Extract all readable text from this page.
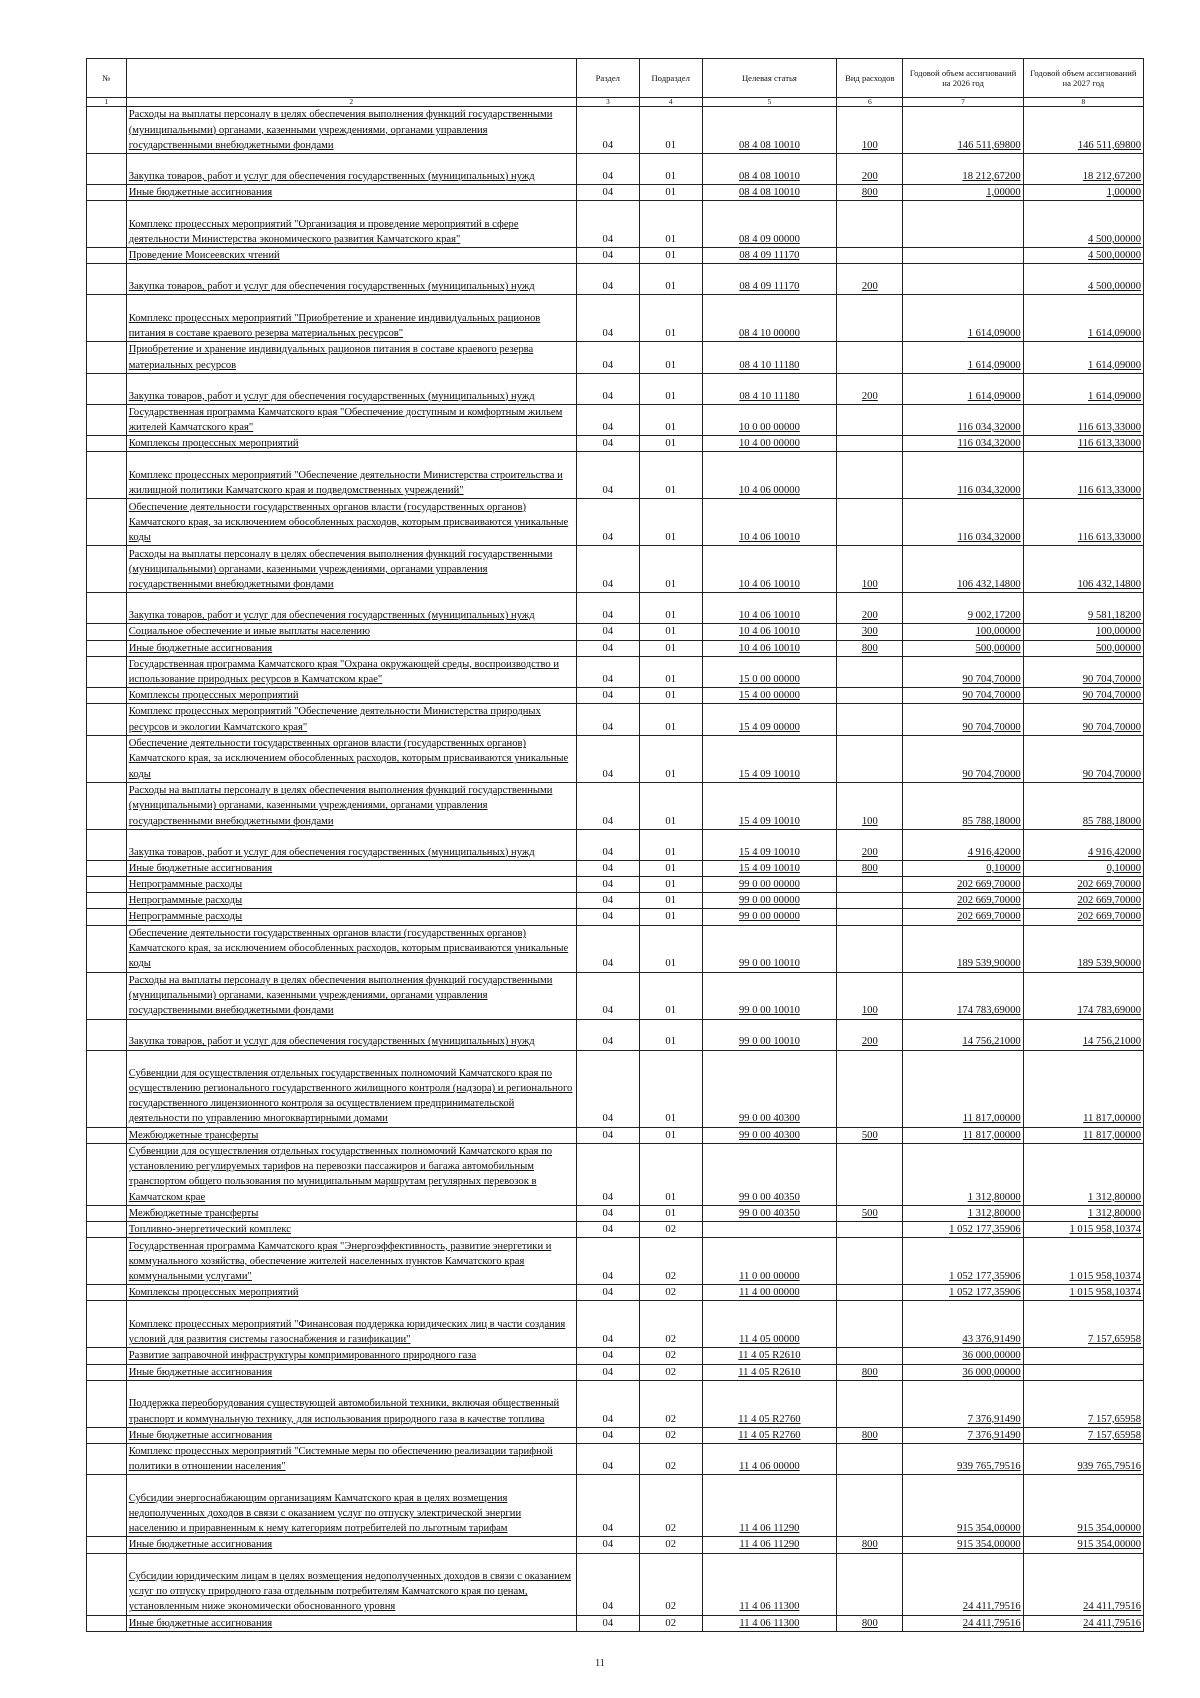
№		Раздел	Подраздел	Целевая статья	Вид расходов	Годовой объем ассигнований на 2026 год	Годовой объем ассигнований на 2027 год
1	2	3	4	5	6	7	8
	Расходы на выплаты персоналу в целях обеспечения выполнения функций государственными (муниципальными) органами, казенными учреждениями, органами управления государственными внебюджетными фондами	04	01	08 4 08 10010	100	146 511,69800	146 511,69800
	Закупка товаров, работ и услуг для обеспечения государственных (муниципальных) нужд	04	01	08 4 08 10010	200	18 212,67200	18 212,67200
	Иные бюджетные ассигнования	04	01	08 4 08 10010	800	1,00000	1,00000
	Комплекс процессных мероприятий "Организация и проведение мероприятий в сфере деятельности Министерства экономического развития Камчатского края"	04	01	08 4 09 00000			4 500,00000
	Проведение Моисеевских чтений	04	01	08 4 09 11170			4 500,00000
	Закупка товаров, работ и услуг для обеспечения государственных (муниципальных) нужд	04	01	08 4 09 11170	200		4 500,00000
	Комплекс процессных мероприятий "Приобретение и хранение индивидуальных рационов питания в составе краевого резерва материальных ресурсов"	04	01	08 4 10 00000		1 614,09000	1 614,09000
	Приобретение и хранение индивидуальных рационов питания в составе краевого резерва материальных ресурсов	04	01	08 4 10 11180		1 614,09000	1 614,09000
	Закупка товаров, работ и услуг для обеспечения государственных (муниципальных) нужд	04	01	08 4 10 11180	200	1 614,09000	1 614,09000
	Государственная программа Камчатского края "Обеспечение доступным и комфортным жильем жителей Камчатского края"	04	01	10 0 00 00000		116 034,32000	116 613,33000
	Комплексы процессных мероприятий	04	01	10 4 00 00000		116 034,32000	116 613,33000
	Комплекс процессных мероприятий "Обеспечение деятельности Министерства строительства и жилищной политики Камчатского края и подведомственных учреждений"	04	01	10 4 06 00000		116 034,32000	116 613,33000
	Обеспечение деятельности государственных органов власти (государственных органов) Камчатского края, за исключением обособленных расходов, которым присваиваются уникальные коды	04	01	10 4 06 10010		116 034,32000	116 613,33000
	Расходы на выплаты персоналу в целях обеспечения выполнения функций государственными (муниципальными) органами, казенными учреждениями, органами управления государственными внебюджетными фондами	04	01	10 4 06 10010	100	106 432,14800	106 432,14800
	Закупка товаров, работ и услуг для обеспечения государственных (муниципальных) нужд	04	01	10 4 06 10010	200	9 002,17200	9 581,18200
	Социальное обеспечение и иные выплаты населению	04	01	10 4 06 10010	300	100,00000	100,00000
	Иные бюджетные ассигнования	04	01	10 4 06 10010	800	500,00000	500,00000
	Государственная программа Камчатского края "Охрана окружающей среды, воспроизводство и использование природных ресурсов в Камчатском крае"	04	01	15 0 00 00000		90 704,70000	90 704,70000
	Комплексы процессных мероприятий	04	01	15 4 00 00000		90 704,70000	90 704,70000
	Комплекс процессных мероприятий "Обеспечение деятельности Министерства природных ресурсов и экологии Камчатского края"	04	01	15 4 09 00000		90 704,70000	90 704,70000
	Обеспечение деятельности государственных органов власти (государственных органов) Камчатского края, за исключением обособленных расходов, которым присваиваются уникальные коды	04	01	15 4 09 10010		90 704,70000	90 704,70000
	Расходы на выплаты персоналу в целях обеспечения выполнения функций государственными (муниципальными) органами, казенными учреждениями, органами управления государственными внебюджетными фондами	04	01	15 4 09 10010	100	85 788,18000	85 788,18000
	Закупка товаров, работ и услуг для обеспечения государственных (муниципальных) нужд	04	01	15 4 09 10010	200	4 916,42000	4 916,42000
	Иные бюджетные ассигнования	04	01	15 4 09 10010	800	0,10000	0,10000
	Непрограммные расходы	04	01	99 0 00 00000		202 669,70000	202 669,70000
	Непрограммные расходы	04	01	99 0 00 00000		202 669,70000	202 669,70000
	Непрограммные расходы	04	01	99 0 00 00000		202 669,70000	202 669,70000
	Обеспечение деятельности государственных органов власти (государственных органов) Камчатского края, за исключением обособленных расходов, которым присваиваются уникальные коды	04	01	99 0 00 10010		189 539,90000	189 539,90000
	Расходы на выплаты персоналу в целях обеспечения выполнения функций государственными (муниципальными) органами, казенными учреждениями, органами управления государственными внебюджетными фондами	04	01	99 0 00 10010	100	174 783,69000	174 783,69000
	Закупка товаров, работ и услуг для обеспечения государственных (муниципальных) нужд	04	01	99 0 00 10010	200	14 756,21000	14 756,21000
	Субвенции для осуществления отдельных государственных полномочий Камчатского края по осуществлению регионального государственного жилищного контроля (надзора) и регионального государственного лицензионного контроля за осуществлением предпринимательской деятельности по управлению многоквартирными домами	04	01	99 0 00 40300		11 817,00000	11 817,00000
	Межбюджетные трансферты	04	01	99 0 00 40300	500	11 817,00000	11 817,00000
	Субвенции для осуществления отдельных государственных полномочий Камчатского края по установлению регулируемых тарифов на перевозки пассажиров и багажа автомобильным транспортом общего пользования по муниципальным маршрутам регулярных перевозок в Камчатском крае	04	01	99 0 00 40350		1 312,80000	1 312,80000
	Межбюджетные трансферты	04	01	99 0 00 40350	500	1 312,80000	1 312,80000
	Топливно-энергетический комплекс	04	02			1 052 177,35906	1 015 958,10374
	Государственная программа Камчатского края "Энергоэффективность, развитие энергетики и коммунального хозяйства, обеспечение жителей населенных пунктов Камчатского края коммунальными услугами"	04	02	11 0 00 00000		1 052 177,35906	1 015 958,10374
	Комплексы процессных мероприятий	04	02	11 4 00 00000		1 052 177,35906	1 015 958,10374
	Комплекс процессных мероприятий "Финансовая поддержка юридических лиц в части создания условий для развития системы газоснабжения и газификации"	04	02	11 4 05 00000		43 376,91490	7 157,65958
	Развитие заправочной инфраструктуры компримированного природного газа	04	02	11 4 05 R2610		36 000,00000	
	Иные бюджетные ассигнования	04	02	11 4 05 R2610	800	36 000,00000	
	Поддержка переоборудования существующей автомобильной техники, включая общественный транспорт и коммунальную технику, для использования природного газа в качестве топлива	04	02	11 4 05 R2760		7 376,91490	7 157,65958
	Иные бюджетные ассигнования	04	02	11 4 05 R2760	800	7 376,91490	7 157,65958
	Комплекс процессных мероприятий "Системные меры по обеспечению реализации тарифной политики в отношении населения"	04	02	11 4 06 00000		939 765,79516	939 765,79516
	Субсидии энергоснабжающим организациям Камчатского края в целях возмещения недополученных доходов в связи с оказанием услуг по отпуску электрической энергии населению и приравненным к нему категориям потребителей по льготным тарифам	04	02	11 4 06 11290		915 354,00000	915 354,00000
	Иные бюджетные ассигнования	04	02	11 4 06 11290	800	915 354,00000	915 354,00000
	Субсидии юридическим лицам в целях возмещения недополученных доходов в связи с оказанием услуг по отпуску природного газа отдельным потребителям Камчатского края по ценам, установленным ниже экономически обоснованного уровня	04	02	11 4 06 11300		24 411,79516	24 411,79516
	Иные бюджетные ассигнования	04	02	11 4 06 11300	800	24 411,79516	24 411,79516
11
